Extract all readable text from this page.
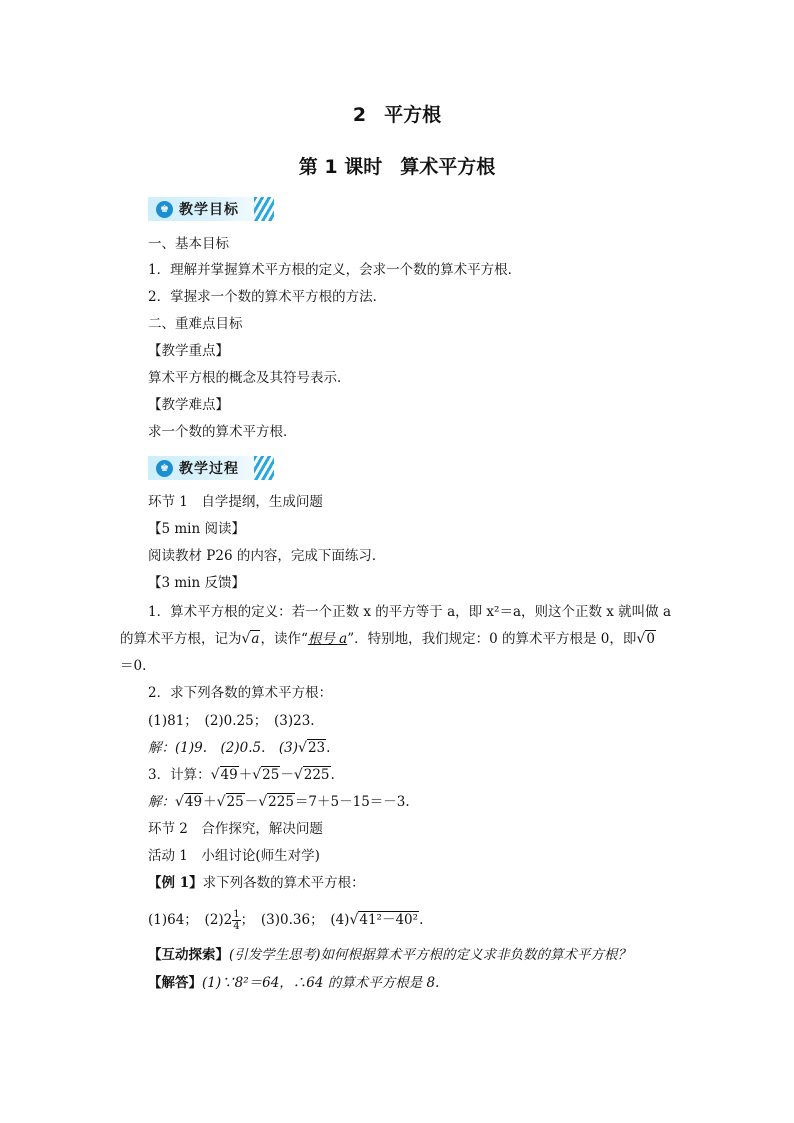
2 平方根
第 1 课时 算术平方根
♚ 教学目标
一、基本目标
1．理解并掌握算术平方根的定义，会求一个数的算术平方根．
2．掌握求一个数的算术平方根的方法．
二、重难点目标
【教学重点】
算术平方根的概念及其符号表示．
【教学难点】
求一个数的算术平方根．
♚ 教学过程
环节 1　自学提纲，生成问题
【5 min 阅读】
阅读教材 P26 的内容，完成下面练习．
【3 min 反馈】
1．算术平方根的定义：若一个正数 x 的平方等于 a，即 x²＝a，则这个正数 x 就叫做 a
的算术平方根，记为√a，读作“根号 a”．特别地，我们规定：0 的算术平方根是 0，即√0
＝0.
2．求下列各数的算术平方根：
(1)81；　(2)0.25；　(3)23.
解：(1)9.　(2)0.5.　(3)√23.
3．计算：√49＋√25－√225.
解：√49＋√25－√225＝7＋5－15＝－3.
环节 2　合作探究，解决问题
活动 1　小组讨论(师生对学)
【例 1】求下列各数的算术平方根：
(1)64；　$(2)2 \frac{1}{4}$ ；　(3)0.36；　(4)√41²－40².
【互动探索】(引发学生思考)如何根据算术平方根的定义求非负数的算术平方根？
【解答】(1)∵8²＝64，∴64 的算术平方根是 8.
